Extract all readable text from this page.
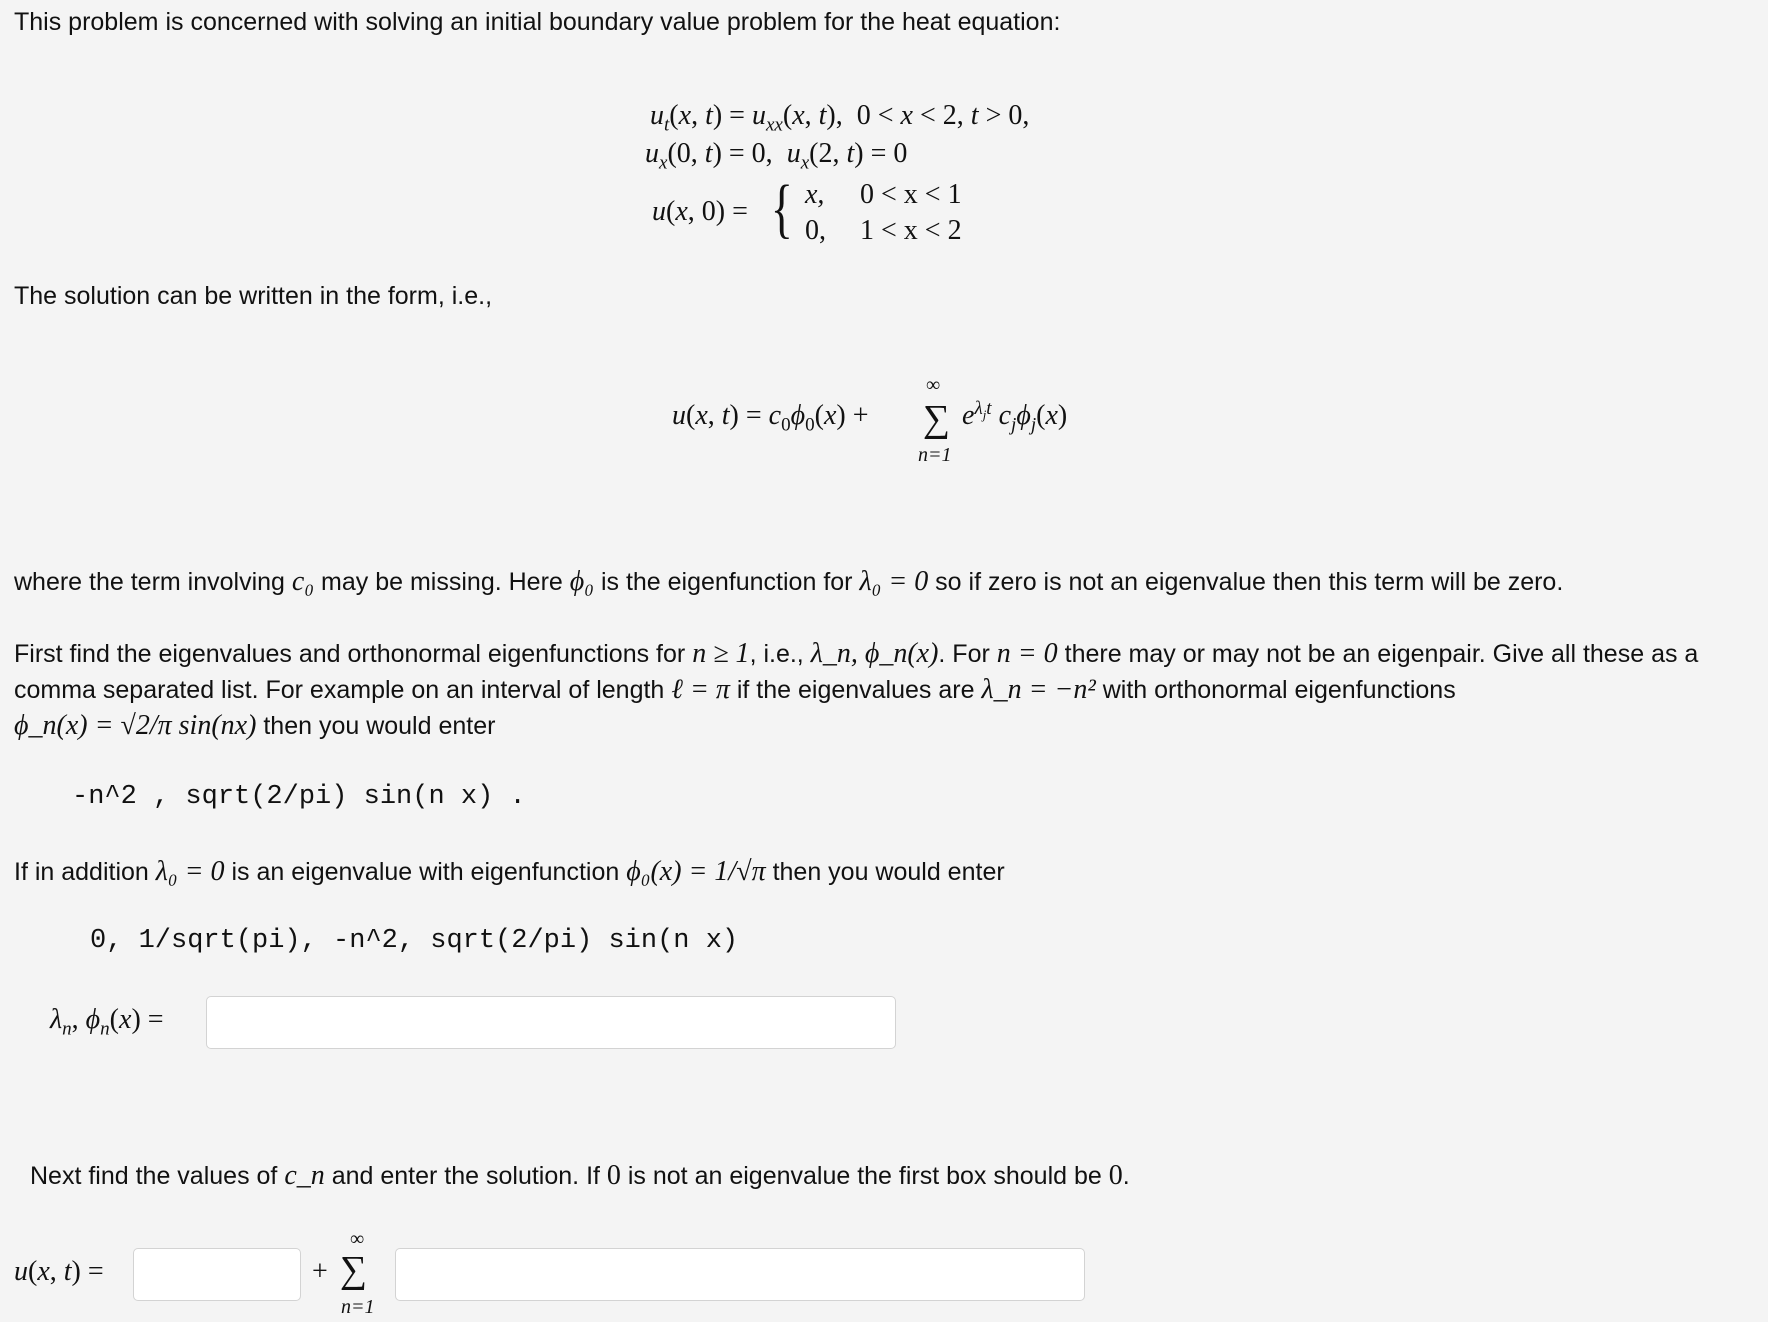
This problem is concerned with solving an initial boundary value problem for the heat equation:
$u_t(x$, $t) = u_{xx}(x$, t),  0 < x < 2, t > 0,
$u_x(0$, t) = 0,  $u_x(2$, t) = 0
u(x, 0) = { x, 0 < x < 1
0, 1 < x < 2
The solution can be written in the form, i.e.,
u(x, $t) = c_0\phi_0(x)$ +
∞
∑
n=1
$e^{\lambda_jt}$ $c_j\phi_j(x)$
where the term involving c₀ may be missing. Here ϕ₀ is the eigenfunction for λ₀ = 0 so if zero is not an eigenvalue then this term will be zero.
First find the eigenvalues and orthonormal eigenfunctions for n ≥ 1, i.e., λ_n, ϕ_n(x). For n = 0 there may or may not be an eigenpair. Give all these as a
comma separated list. For example on an interval of length ℓ = π if the eigenvalues are λ_n = −n² with orthonormal eigenfunctions
ϕ_n(x) = √2/π sin(nx) then you would enter
-n^2 , sqrt(2/pi) sin(n x) .
If in addition λ₀ = 0 is an eigenvalue with eigenfunction ϕ₀(x) = 1/√π then you would enter
0, 1/sqrt(pi), -n^2, sqrt(2/pi) sin(n x)
$\lambda_n$, $\phi_n(x)$ =
Next find the values of c_n and enter the solution. If 0 is not an eigenvalue the first box should be 0.
u(x, t) =	+
∞
∑
n=1
